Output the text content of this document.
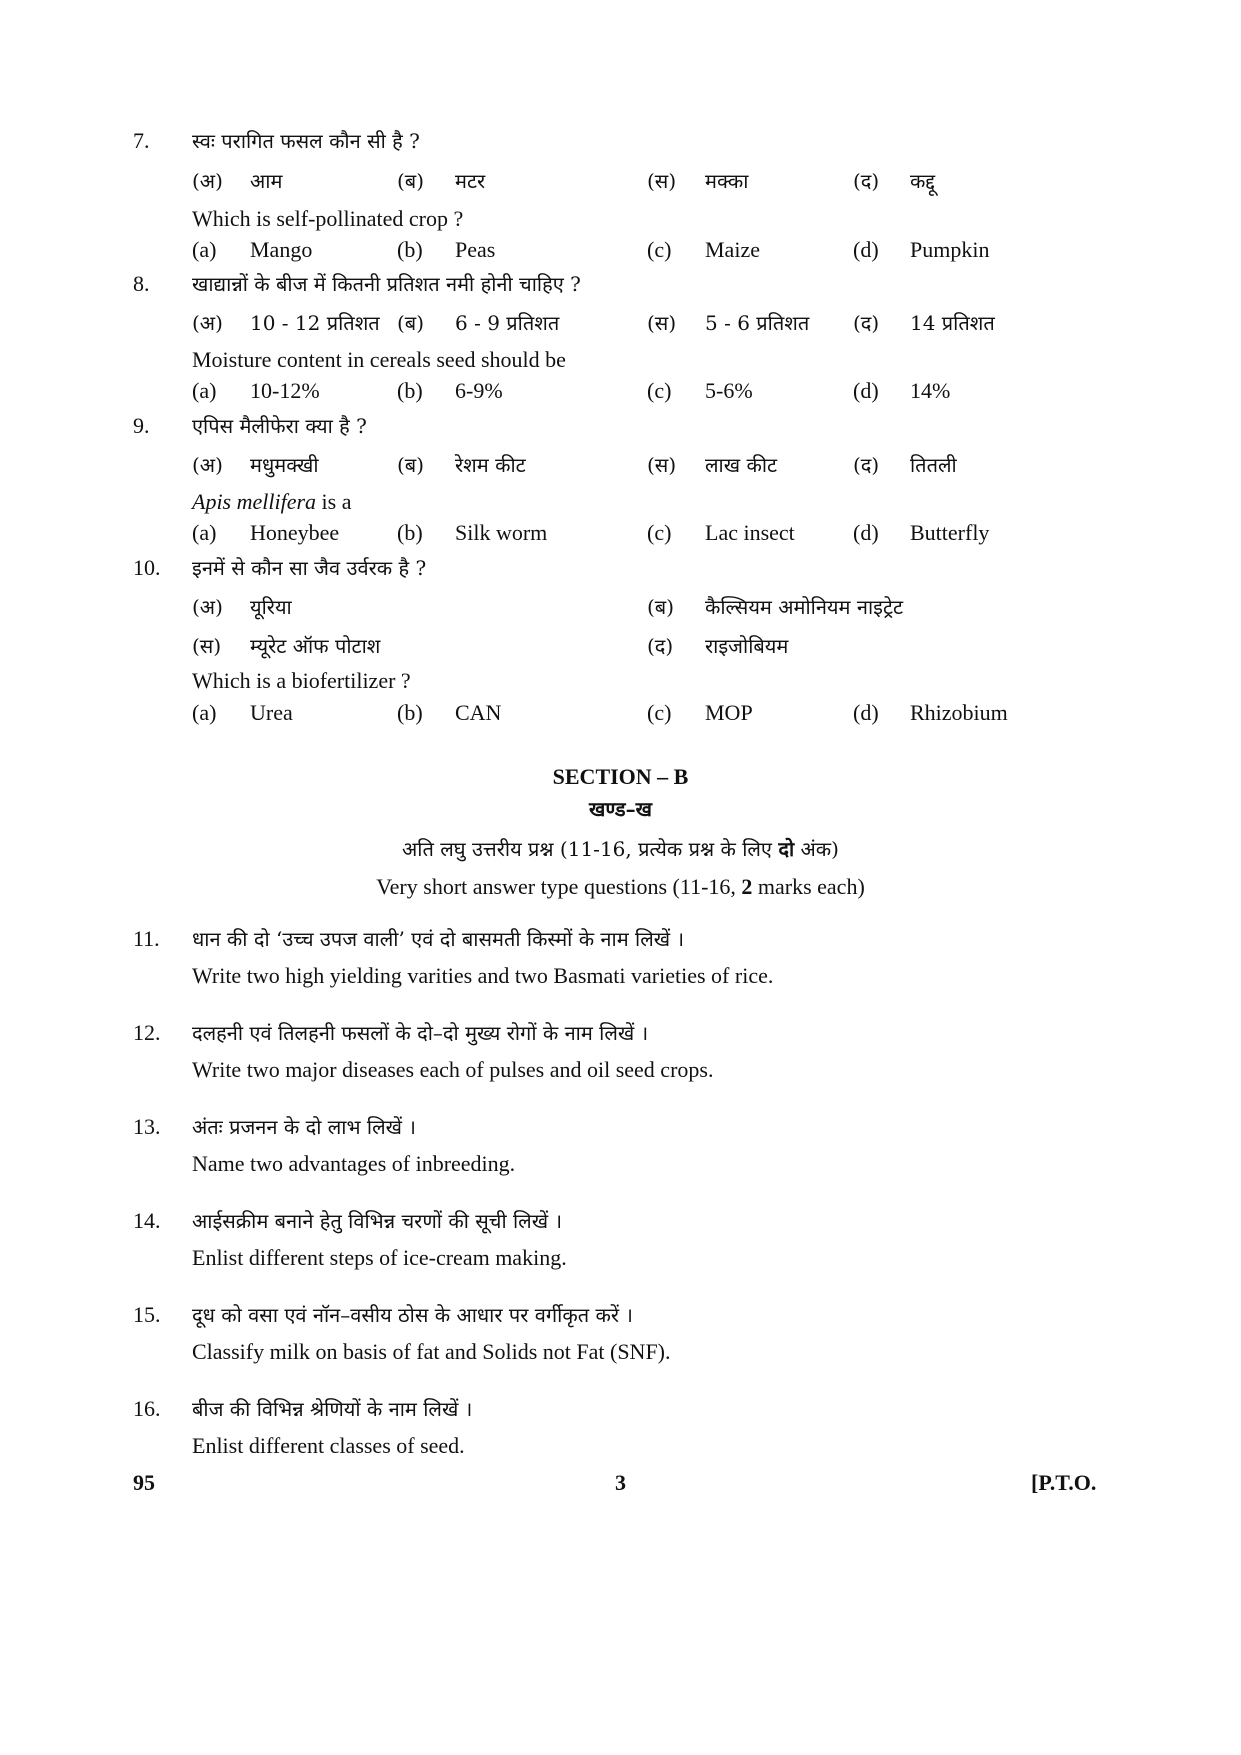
7. स्वः परागित फसल कौन सी है ?
(अ) आम	(ब) मटर	(स) मक्का	(द) कद्दू
Which is self-pollinated crop ?
(a) Mango	(b) Peas	(c) Maize	(d) Pumpkin
8. खाद्यान्नों के बीज में कितनी प्रतिशत नमी होनी चाहिए ?
(अ) 10 - 12 प्रतिशत (ब) 6 - 9 प्रतिशत	(स) 5 - 6 प्रतिशत (द) 14 प्रतिशत
Moisture content in cereals seed should be
(a) 10-12%	(b) 6-9%	(c) 5-6%	(d) 14%
9. एपिस मैलीफेरा क्या है ?
(अ) मधुमक्खी	(ब) रेशम कीट	(स) लाख कीट	(द) तितली
Apis mellifera is a
(a) Honeybee	(b) Silk worm	(c) Lac insect	(d) Butterfly
10. इनमें से कौन सा जैव उर्वरक है ?
(अ) यूरिया	(ब) कैल्सियम अमोनियम नाइट्रेट
(स) म्यूरेट ऑफ पोटाश	(द) राइजोबियम
Which is a biofertilizer ?
(a) Urea	(b) CAN	(c) MOP	(d) Rhizobium
SECTION – B
खण्ड–ख
अति लघु उत्तरीय प्रश्न (11-16, प्रत्येक प्रश्न के लिए दो अंक)
Very short answer type questions (11-16, 2 marks each)
11. धान की दो ‘उच्च उपज वाली’ एवं दो बासमती किस्मों के नाम लिखें ।
Write two high yielding varities and two Basmati varieties of rice.
12. दलहनी एवं तिलहनी फसलों के दो–दो मुख्य रोगों के नाम लिखें ।
Write two major diseases each of pulses and oil seed crops.
13. अंतः प्रजनन के दो लाभ लिखें ।
Name two advantages of inbreeding.
14. आईसक्रीम बनाने हेतु विभिन्न चरणों की सूची लिखें ।
Enlist different steps of ice-cream making.
15. दूध को वसा एवं नॉन–वसीय ठोस के आधार पर वर्गीकृत करें ।
Classify milk on basis of fat and Solids not Fat (SNF).
16. बीज की विभिन्न श्रेणियों के नाम लिखें ।
Enlist different classes of seed.
95	3	[P.T.O.
